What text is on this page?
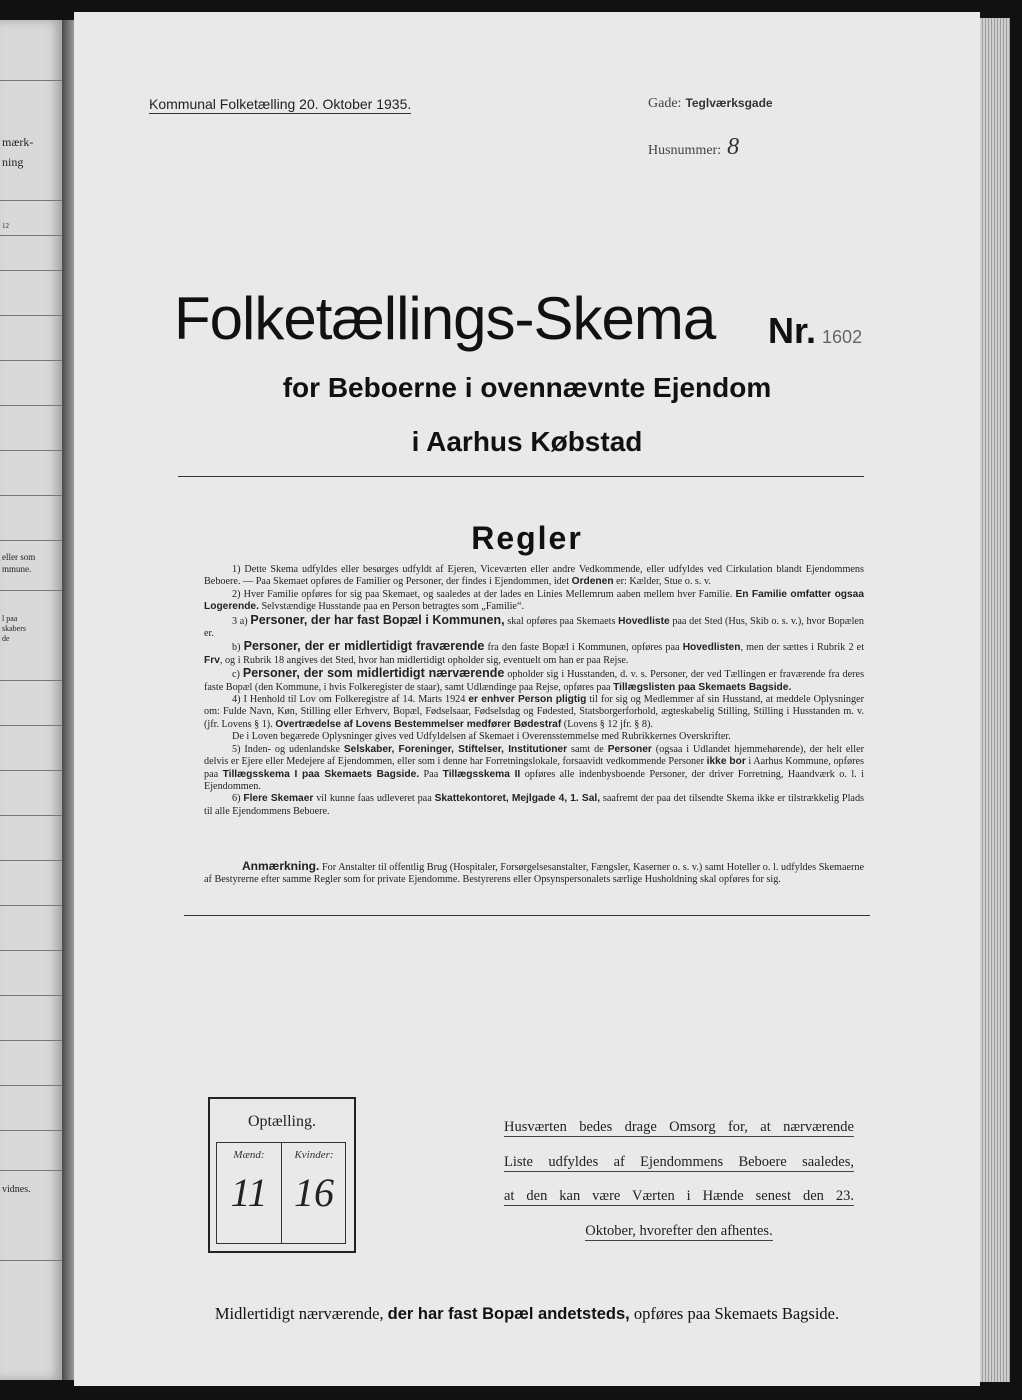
mærk-
ning
12
eller som
mmune.
l paa
skabers
de
vidnes.
Kommunal Folketælling 20. Oktober 1935.	Gade: Teglværksgade
Husnummer: 8
Folketællings-Skema	Nr. 1602
for Beboerne i ovennævnte Ejendom
i Aarhus Købstad
Regler

1) Dette Skema udfyldes eller besørges udfyldt af Ejeren, Viceværten eller andre Vedkommende, eller udfyldes ved Cirkulation blandt Ejendommens Beboere. — Paa Skemaet opføres de Familier og Personer, der findes i Ejendommen, idet Ordenen er: Kælder, Stue o. s. v.

2) Hver Familie opføres for sig paa Skemaet, og saaledes at der lades en Linies Mellemrum aaben mellem hver Familie. En Familie omfatter ogsaa Logerende. Selvstændige Husstande paa en Person betragtes som „Familie“.

3 a) Personer, der har fast Bopæl i Kommunen, skal opføres paa Skemaets Hovedliste paa det Sted (Hus, Skib o. s. v.), hvor Bopælen er.

b) Personer, der er midlertidigt fraværende fra den faste Bopæl i Kommunen, opføres paa Hovedlisten, men der sættes i Rubrik 2 et Frv, og i Rubrik 18 angives det Sted, hvor han midlertidigt opholder sig, eventuelt om han er paa Rejse.

c) Personer, der som midlertidigt nærværende opholder sig i Husstanden, d. v. s. Personer, der ved Tællingen er fraværende fra deres faste Bopæl (den Kommune, i hvis Folkeregister de staar), samt Udlændinge paa Rejse, opføres paa Tillægslisten paa Skemaets Bagside.

4) I Henhold til Lov om Folkeregistre af 14. Marts 1924 er enhver Person pligtig til for sig og Medlemmer af sin Husstand, at meddele Oplysninger om: Fulde Navn, Køn, Stilling eller Erhverv, Bopæl, Fødselsaar, Fødselsdag og Fødested, Statsborgerforhold, ægteskabelig Stilling, Stilling i Husstanden m. v. (jfr. Lovens § 1). Overtrædelse af Lovens Bestemmelser medfører Bødestraf (Lovens § 12 jfr. § 8).

De i Loven begærede Oplysninger gives ved Udfyldelsen af Skemaet i Overensstemmelse med Rubrikkernes Overskrifter.

5) Inden- og udenlandske Selskaber, Foreninger, Stiftelser, Institutioner samt de Personer (ogsaa i Udlandet hjemmehørende), der helt eller delvis er Ejere eller Medejere af Ejendommen, eller som i denne har Forretningslokale, forsaavidt vedkommende Personer ikke bor i Aarhus Kommune, opføres paa Tillægsskema I paa Skemaets Bagside. Paa Tillægsskema II opføres alle indenbysboende Personer, der driver Forretning, Haandværk o. l. i Ejendommen.

6) Flere Skemaer vil kunne faas udleveret paa Skattekontoret, Mejlgade 4, 1. Sal, saafremt der paa det tilsendte Skema ikke er tilstrækkelig Plads til alle Ejendommens Beboere.

Anmærkning. For Anstalter til offentlig Brug (Hospitaler, Forsørgelsesanstalter, Fængsler, Kaserner o. s. v.) samt Hoteller o. l. udfyldes Skemaerne af Bestyrerne efter samme Regler som for private Ejendomme. Bestyrerens eller Opsynspersonalets særlige Husholdning skal opføres for sig.

Optælling.
Mænd:
11
Kvinder:
16
Husværten bedes drage Omsorg for, at nærværende
Liste udfyldes af Ejendommens Beboere saaledes,
at den kan være Værten i Hænde senest den 23.
Oktober, hvorefter den afhentes.
Midlertidigt nærværende, der har fast Bopæl andetsteds, opføres paa Skemaets Bagside.
